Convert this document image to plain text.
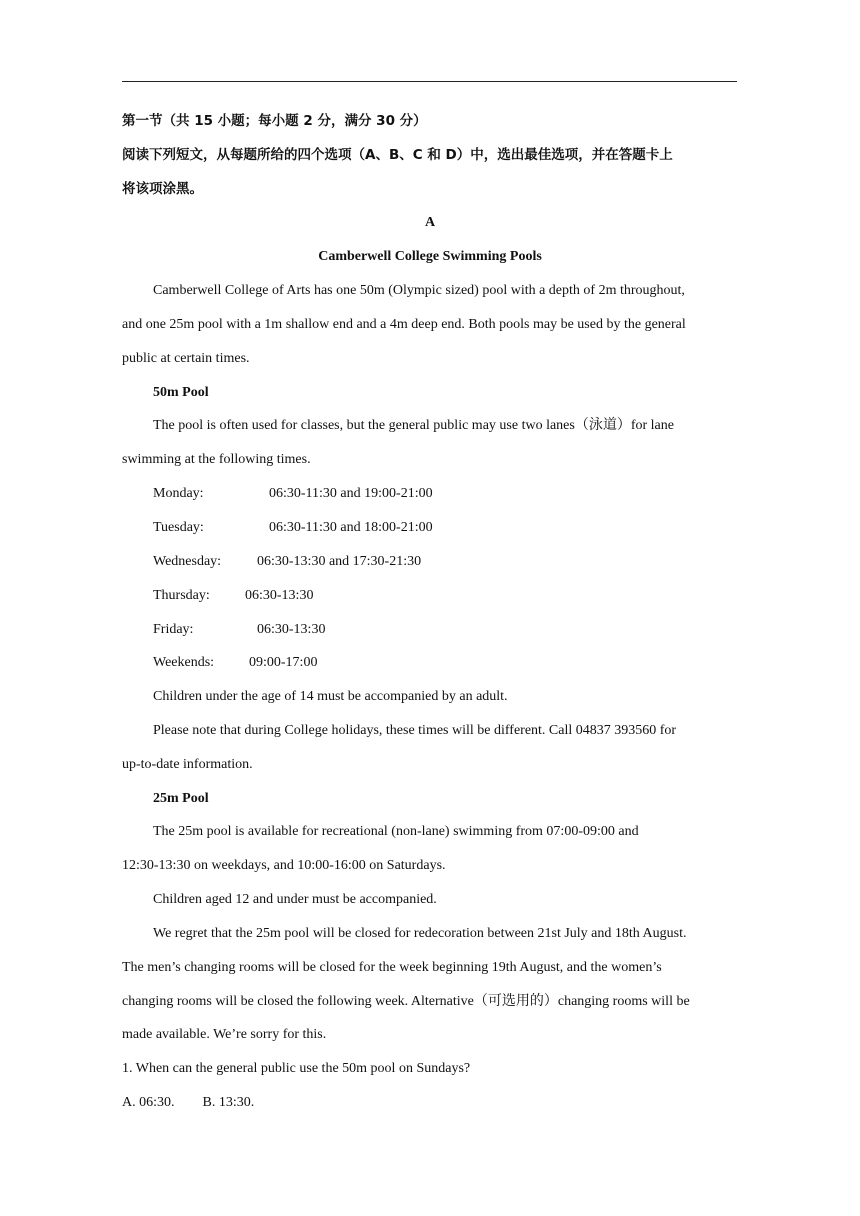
第一节（共 15 小题；每小题 2 分，满分 30 分）
阅读下列短文，从每题所给的四个选项（A、B、C 和 D）中，选出最佳选项，并在答题卡上
将该项涂黑。
A
Camberwell College Swimming Pools
Camberwell College of Arts has one 50m (Olympic sized) pool with a depth of 2m throughout,
and one 25m pool with a 1m shallow end and a 4m deep end. Both pools may be used by the general
public at certain times.
50m Pool
The pool is often used for classes, but the general public may use two lanes（泳道）for lane
swimming at the following times.
Monday:	06:30-11:30 and 19:00-21:00
Tuesday:	06:30-11:30 and 18:00-21:00
Wednesday:	06:30-13:30 and 17:30-21:30
Thursday:	06:30-13:30
Friday:	06:30-13:30
Weekends: 09:00-17:00
Children under the age of 14 must be accompanied by an adult.
Please note that during College holidays, these times will be different. Call 04837 393560 for
up-to-date information.
25m Pool
The 25m pool is available for recreational (non-lane) swimming from 07:00-09:00 and
12:30-13:30 on weekdays, and 10:00-16:00 on Saturdays.
Children aged 12 and under must be accompanied.
We regret that the 25m pool will be closed for redecoration between 21st July and 18th August.
The men’s changing rooms will be closed for the week beginning 19th August, and the women’s
changing rooms will be closed the following week. Alternative（可选用的）changing rooms will be
made available. We’re sorry for this.
1. When can the general public use the 50m pool on Sundays?
A. 06:30.        B. 13:30.
